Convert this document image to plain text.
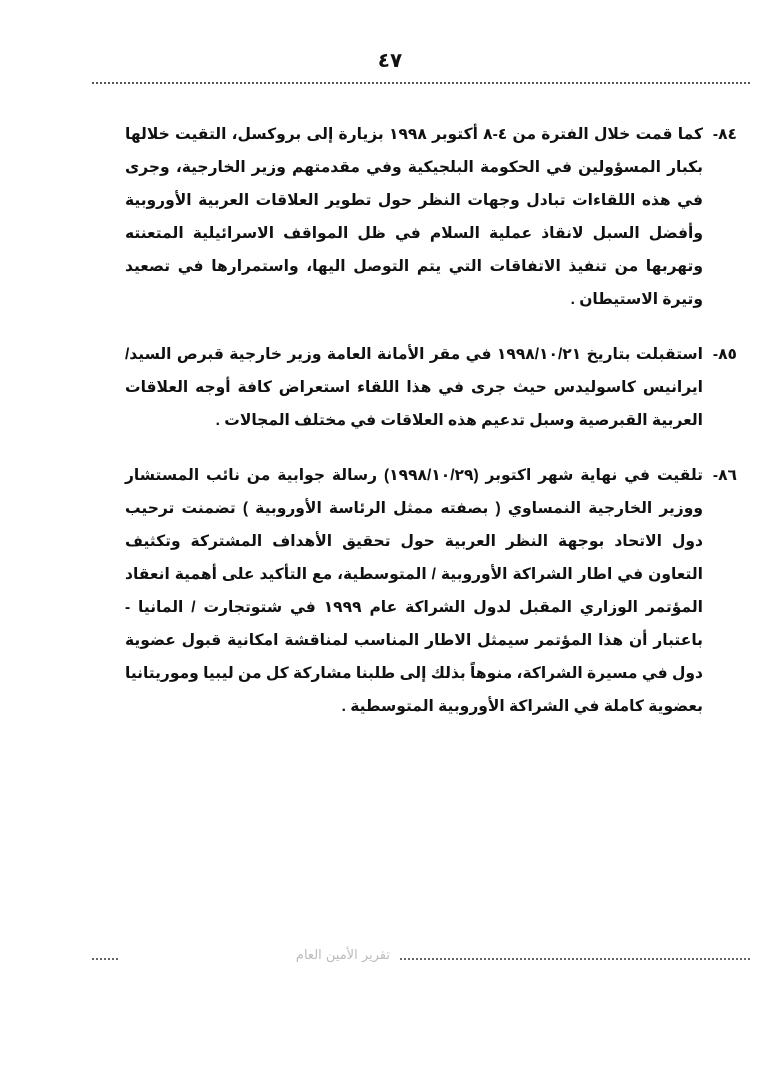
٤٧
٨٤-
كما قمت خلال الفترة من ٤-٨ أكتوبر ١٩٩٨ بزيارة إلى بروكسل، التقيت خلالها بكبار المسؤولين في الحكومة البلجيكية وفي مقدمتهم وزير الخارجية، وجرى في هذه اللقاءات تبادل وجهات النظر حول تطوير العلاقات العربية الأوروبية وأفضل السبل لانقاذ عملية السلام في ظل المواقف الاسرائيلية المتعنته وتهربها من تنفيذ الاتفاقات التي يتم التوصل اليها، واستمرارها في تصعيد وتيرة الاستيطان .
٨٥-
استقبلت بتاريخ ١٩٩٨/١٠/٢١ في مقر الأمانة العامة وزير خارجية قبرص السيد/ ايرانيس كاسوليدس حيث جرى في هذا اللقاء استعراض كافة أوجه العلاقات العربية القبرصية وسبل تدعيم هذه العلاقات في مختلف المجالات .
٨٦-
تلقيت في نهاية شهر اكتوبر (١٩٩٨/١٠/٢٩) رسالة جوابية من نائب المستشار ووزير الخارجية النمساوي ( بصفته ممثل الرئاسة الأوروبية ) تضمنت ترحيب دول الاتحاد بوجهة النظر العربية حول تحقيق الأهداف المشتركة وتكثيف التعاون في اطار الشراكة الأوروبية / المتوسطية، مع التأكيد على أهمية انعقاد المؤتمر الوزاري المقبل لدول الشراكة عام ١٩٩٩ في شتوتجارت / المانيا - باعتبار أن هذا المؤتمر سيمثل الاطار المناسب لمناقشة امكانية قبول عضوية دول في مسيرة الشراكة، منوهاً بذلك إلى طلبنا مشاركة كل من ليبيا وموريتانيا بعضوية كاملة في الشراكة الأوروبية المتوسطية .
تقرير الأمين العام
